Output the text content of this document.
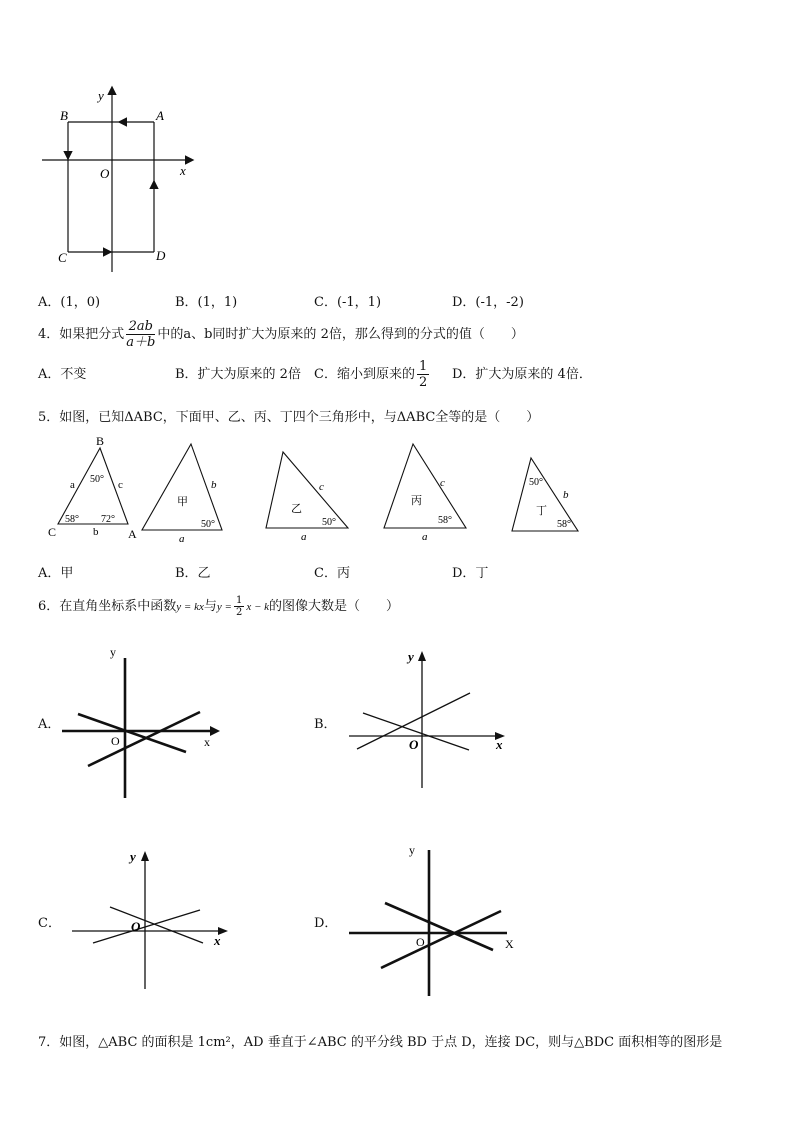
x
y
O
A
B
C	D
A．(1，0)	B．(1，1)	C．(-1，1)	D．(-1，-2)
4．如果把分式 $\frac{2ab}{a+b}$ 中的a、b同时扩大为原来的 2倍，那么得到的分式的值（　　）
A．不变	B．扩大为原来的 2倍 C．缩小到原来的 $\frac{1}{2}$ D．扩大为原来的 4倍．
5．如图，已知ΔABC，下面甲、乙、丙、丁四个三角形中，与ΔABC全等的是（　　）
B
C	A
a	c
b
50°
58° 72°
甲
b
a
50°
乙
c
a
50°
丙
c
a
58°
丁
b
50°
58°
A．甲	B．乙	C．丙	D．丁
6．在直角坐标系中函数y = kx与$y = \frac{1}{2}$ x − k的图像大数是（　　）
A．
y
x
O
B．
y
x
O
C．
y
x
O	D．
y
X
O
7．如图，△ABC 的面积是 1cm²，AD 垂直于∠ABC 的平分线 BD 于点 D，连接 DC，则与△BDC 面积相等的图形是
